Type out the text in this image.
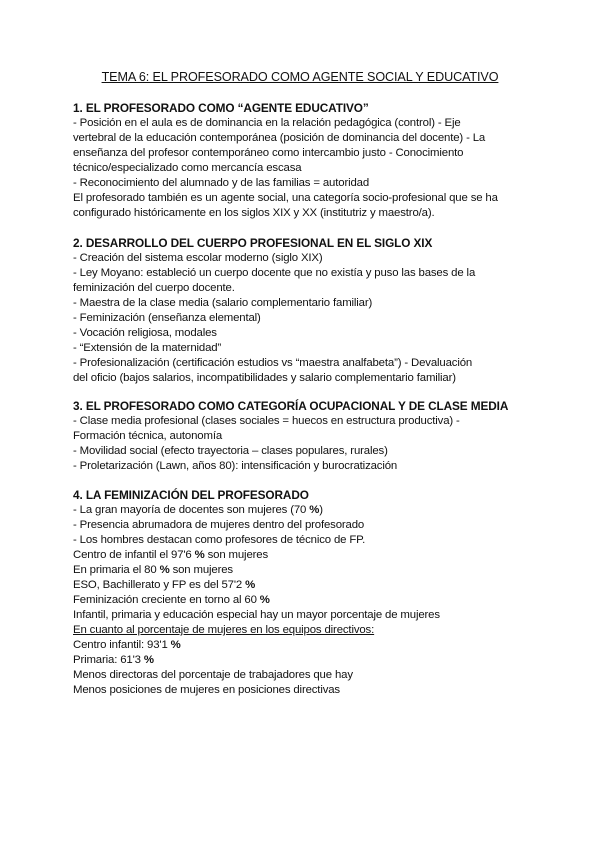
TEMA 6: EL PROFESORADO COMO AGENTE SOCIAL Y EDUCATIVO
1. EL PROFESORADO COMO “AGENTE EDUCATIVO”
- Posición en el aula es de dominancia en la relación pedagógica (control) - Eje
vertebral de la educación contemporánea (posición de dominancia del docente) - La
enseñanza del profesor contemporáneo como intercambio justo - Conocimiento
técnico/especializado como mercancía escasa
- Reconocimiento del alumnado y de las familias = autoridad
El profesorado también es un agente social, una categoría socio-profesional que se ha
configurado históricamente en los siglos XIX y XX (institutriz y maestro/a).
2. DESARROLLO DEL CUERPO PROFESIONAL EN EL SIGLO XIX
- Creación del sistema escolar moderno (siglo XIX)
- Ley Moyano: estableció un cuerpo docente que no existía y puso las bases de la
feminización del cuerpo docente.
- Maestra de la clase media (salario complementario familiar)
- Feminización (enseñanza elemental)
- Vocación religiosa, modales
- “Extensión de la maternidad”
- Profesionalización (certificación estudios vs “maestra analfabeta”) - Devaluación
del oficio (bajos salarios, incompatibilidades y salario complementario familiar)
3. EL PROFESORADO COMO CATEGORÍA OCUPACIONAL Y DE CLASE MEDIA
- Clase media profesional (clases sociales = huecos en estructura productiva) -
Formación técnica, autonomía
- Movilidad social (efecto trayectoria – clases populares, rurales)
- Proletarización (Lawn, años 80): intensificación y burocratización
4. LA FEMINIZACIÓN DEL PROFESORADO
- La gran mayoría de docentes son mujeres (70 %)
- Presencia abrumadora de mujeres dentro del profesorado
- Los hombres destacan como profesores de técnico de FP.
Centro de infantil el 97'6 % son mujeres
En primaria el 80 % son mujeres
ESO, Bachillerato y FP es del 57'2 %
Feminización creciente en torno al 60 %
Infantil, primaria y educación especial hay un mayor porcentaje de mujeres
En cuanto al porcentaje de mujeres en los equipos directivos:
Centro infantil: 93'1 %
Primaria: 61'3 %
Menos directoras del porcentaje de trabajadores que hay
Menos posiciones de mujeres en posiciones directivas
